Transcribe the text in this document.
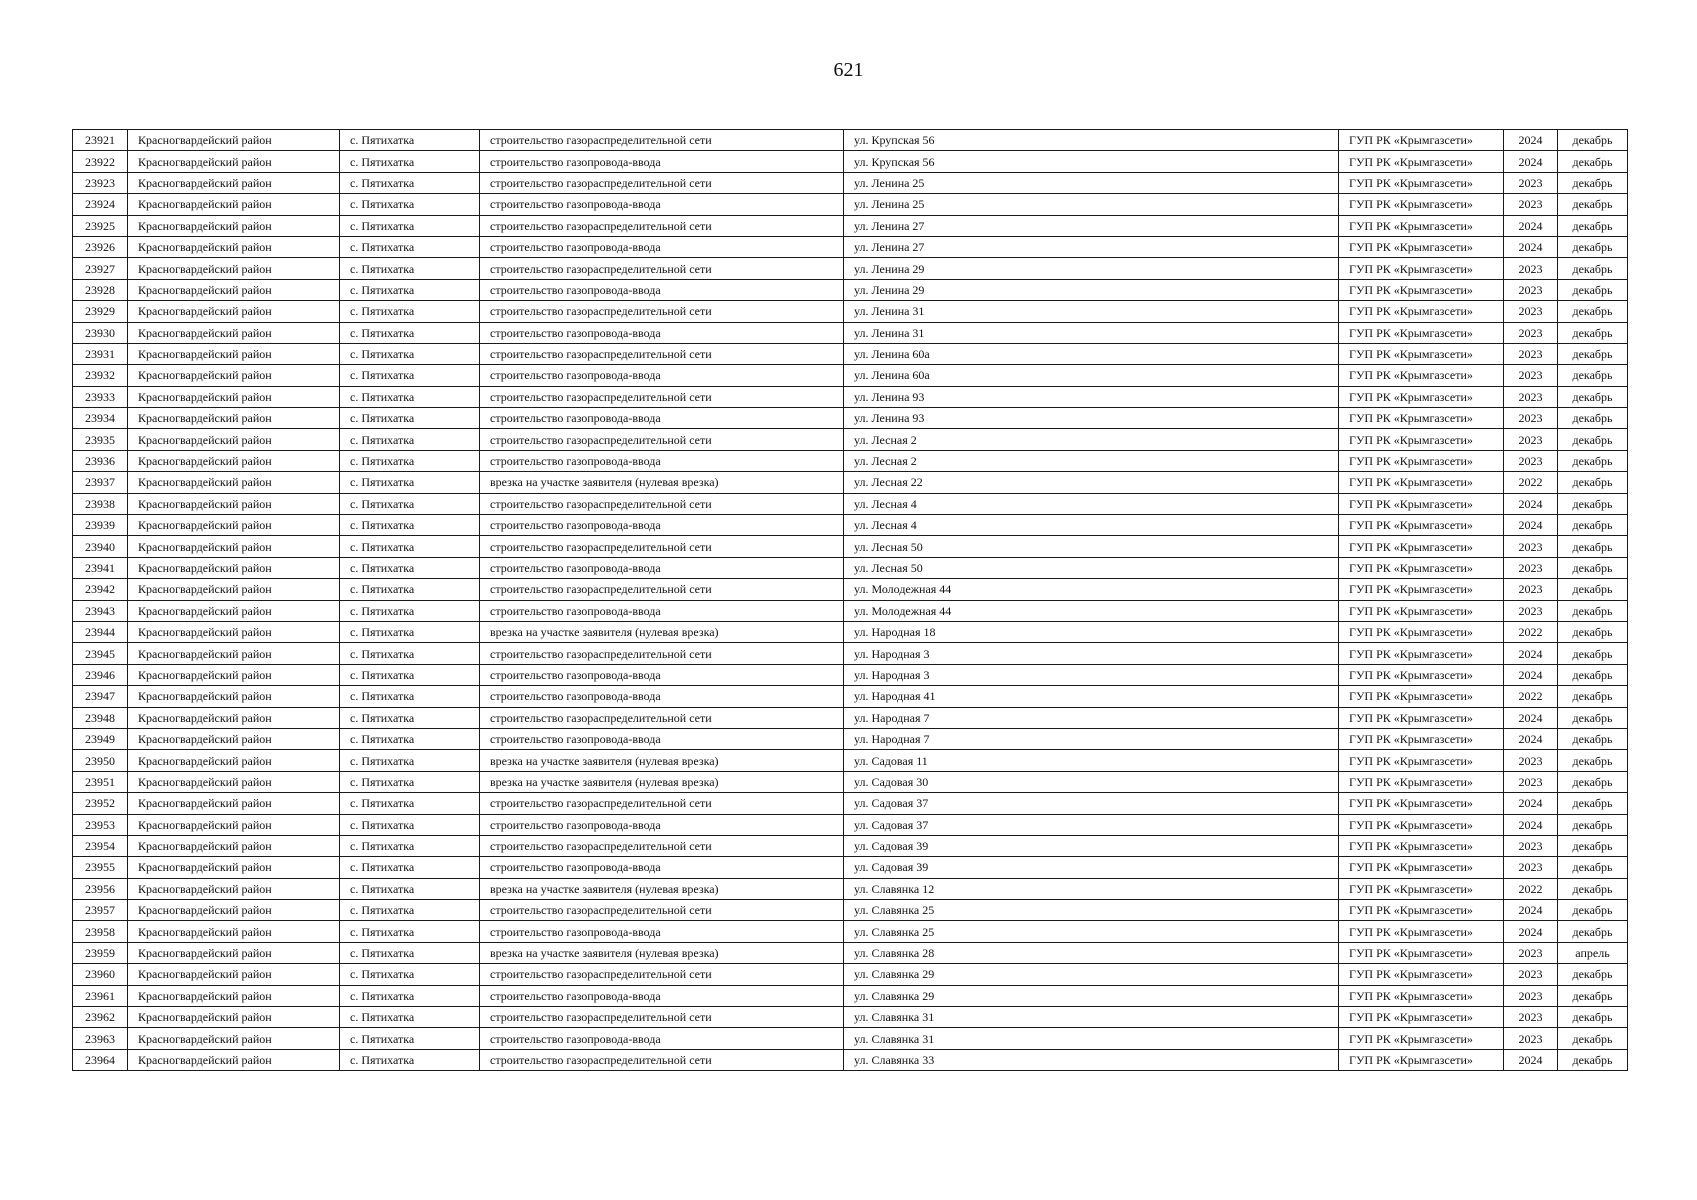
621
23921	Красногвардейский район	с. Пятихатка	строительство газораспределительной сети	ул. Крупская 56	ГУП РК «Крымгазсети»	2024	декабрь
23922	Красногвардейский район	с. Пятихатка	строительство газопровода-ввода	ул. Крупская 56	ГУП РК «Крымгазсети»	2024	декабрь
23923	Красногвардейский район	с. Пятихатка	строительство газораспределительной сети	ул. Ленина 25	ГУП РК «Крымгазсети»	2023	декабрь
23924	Красногвардейский район	с. Пятихатка	строительство газопровода-ввода	ул. Ленина 25	ГУП РК «Крымгазсети»	2023	декабрь
23925	Красногвардейский район	с. Пятихатка	строительство газораспределительной сети	ул. Ленина 27	ГУП РК «Крымгазсети»	2024	декабрь
23926	Красногвардейский район	с. Пятихатка	строительство газопровода-ввода	ул. Ленина 27	ГУП РК «Крымгазсети»	2024	декабрь
23927	Красногвардейский район	с. Пятихатка	строительство газораспределительной сети	ул. Ленина 29	ГУП РК «Крымгазсети»	2023	декабрь
23928	Красногвардейский район	с. Пятихатка	строительство газопровода-ввода	ул. Ленина 29	ГУП РК «Крымгазсети»	2023	декабрь
23929	Красногвардейский район	с. Пятихатка	строительство газораспределительной сети	ул. Ленина 31	ГУП РК «Крымгазсети»	2023	декабрь
23930	Красногвардейский район	с. Пятихатка	строительство газопровода-ввода	ул. Ленина 31	ГУП РК «Крымгазсети»	2023	декабрь
23931	Красногвардейский район	с. Пятихатка	строительство газораспределительной сети	ул. Ленина 60а	ГУП РК «Крымгазсети»	2023	декабрь
23932	Красногвардейский район	с. Пятихатка	строительство газопровода-ввода	ул. Ленина 60а	ГУП РК «Крымгазсети»	2023	декабрь
23933	Красногвардейский район	с. Пятихатка	строительство газораспределительной сети	ул. Ленина 93	ГУП РК «Крымгазсети»	2023	декабрь
23934	Красногвардейский район	с. Пятихатка	строительство газопровода-ввода	ул. Ленина 93	ГУП РК «Крымгазсети»	2023	декабрь
23935	Красногвардейский район	с. Пятихатка	строительство газораспределительной сети	ул. Лесная 2	ГУП РК «Крымгазсети»	2023	декабрь
23936	Красногвардейский район	с. Пятихатка	строительство газопровода-ввода	ул. Лесная 2	ГУП РК «Крымгазсети»	2023	декабрь
23937	Красногвардейский район	с. Пятихатка	врезка на участке заявителя (нулевая врезка)	ул. Лесная 22	ГУП РК «Крымгазсети»	2022	декабрь
23938	Красногвардейский район	с. Пятихатка	строительство газораспределительной сети	ул. Лесная 4	ГУП РК «Крымгазсети»	2024	декабрь
23939	Красногвардейский район	с. Пятихатка	строительство газопровода-ввода	ул. Лесная 4	ГУП РК «Крымгазсети»	2024	декабрь
23940	Красногвардейский район	с. Пятихатка	строительство газораспределительной сети	ул. Лесная 50	ГУП РК «Крымгазсети»	2023	декабрь
23941	Красногвардейский район	с. Пятихатка	строительство газопровода-ввода	ул. Лесная 50	ГУП РК «Крымгазсети»	2023	декабрь
23942	Красногвардейский район	с. Пятихатка	строительство газораспределительной сети	ул. Молодежная 44	ГУП РК «Крымгазсети»	2023	декабрь
23943	Красногвардейский район	с. Пятихатка	строительство газопровода-ввода	ул. Молодежная 44	ГУП РК «Крымгазсети»	2023	декабрь
23944	Красногвардейский район	с. Пятихатка	врезка на участке заявителя (нулевая врезка)	ул. Народная 18	ГУП РК «Крымгазсети»	2022	декабрь
23945	Красногвардейский район	с. Пятихатка	строительство газораспределительной сети	ул. Народная 3	ГУП РК «Крымгазсети»	2024	декабрь
23946	Красногвардейский район	с. Пятихатка	строительство газопровода-ввода	ул. Народная 3	ГУП РК «Крымгазсети»	2024	декабрь
23947	Красногвардейский район	с. Пятихатка	строительство газопровода-ввода	ул. Народная 41	ГУП РК «Крымгазсети»	2022	декабрь
23948	Красногвардейский район	с. Пятихатка	строительство газораспределительной сети	ул. Народная 7	ГУП РК «Крымгазсети»	2024	декабрь
23949	Красногвардейский район	с. Пятихатка	строительство газопровода-ввода	ул. Народная 7	ГУП РК «Крымгазсети»	2024	декабрь
23950	Красногвардейский район	с. Пятихатка	врезка на участке заявителя (нулевая врезка)	ул. Садовая 11	ГУП РК «Крымгазсети»	2023	декабрь
23951	Красногвардейский район	с. Пятихатка	врезка на участке заявителя (нулевая врезка)	ул. Садовая 30	ГУП РК «Крымгазсети»	2023	декабрь
23952	Красногвардейский район	с. Пятихатка	строительство газораспределительной сети	ул. Садовая 37	ГУП РК «Крымгазсети»	2024	декабрь
23953	Красногвардейский район	с. Пятихатка	строительство газопровода-ввода	ул. Садовая 37	ГУП РК «Крымгазсети»	2024	декабрь
23954	Красногвардейский район	с. Пятихатка	строительство газораспределительной сети	ул. Садовая 39	ГУП РК «Крымгазсети»	2023	декабрь
23955	Красногвардейский район	с. Пятихатка	строительство газопровода-ввода	ул. Садовая 39	ГУП РК «Крымгазсети»	2023	декабрь
23956	Красногвардейский район	с. Пятихатка	врезка на участке заявителя (нулевая врезка)	ул. Славянка 12	ГУП РК «Крымгазсети»	2022	декабрь
23957	Красногвардейский район	с. Пятихатка	строительство газораспределительной сети	ул. Славянка 25	ГУП РК «Крымгазсети»	2024	декабрь
23958	Красногвардейский район	с. Пятихатка	строительство газопровода-ввода	ул. Славянка 25	ГУП РК «Крымгазсети»	2024	декабрь
23959	Красногвардейский район	с. Пятихатка	врезка на участке заявителя (нулевая врезка)	ул. Славянка 28	ГУП РК «Крымгазсети»	2023	апрель
23960	Красногвардейский район	с. Пятихатка	строительство газораспределительной сети	ул. Славянка 29	ГУП РК «Крымгазсети»	2023	декабрь
23961	Красногвардейский район	с. Пятихатка	строительство газопровода-ввода	ул. Славянка 29	ГУП РК «Крымгазсети»	2023	декабрь
23962	Красногвардейский район	с. Пятихатка	строительство газораспределительной сети	ул. Славянка 31	ГУП РК «Крымгазсети»	2023	декабрь
23963	Красногвардейский район	с. Пятихатка	строительство газопровода-ввода	ул. Славянка 31	ГУП РК «Крымгазсети»	2023	декабрь
23964	Красногвардейский район	с. Пятихатка	строительство газораспределительной сети	ул. Славянка 33	ГУП РК «Крымгазсети»	2024	декабрь
